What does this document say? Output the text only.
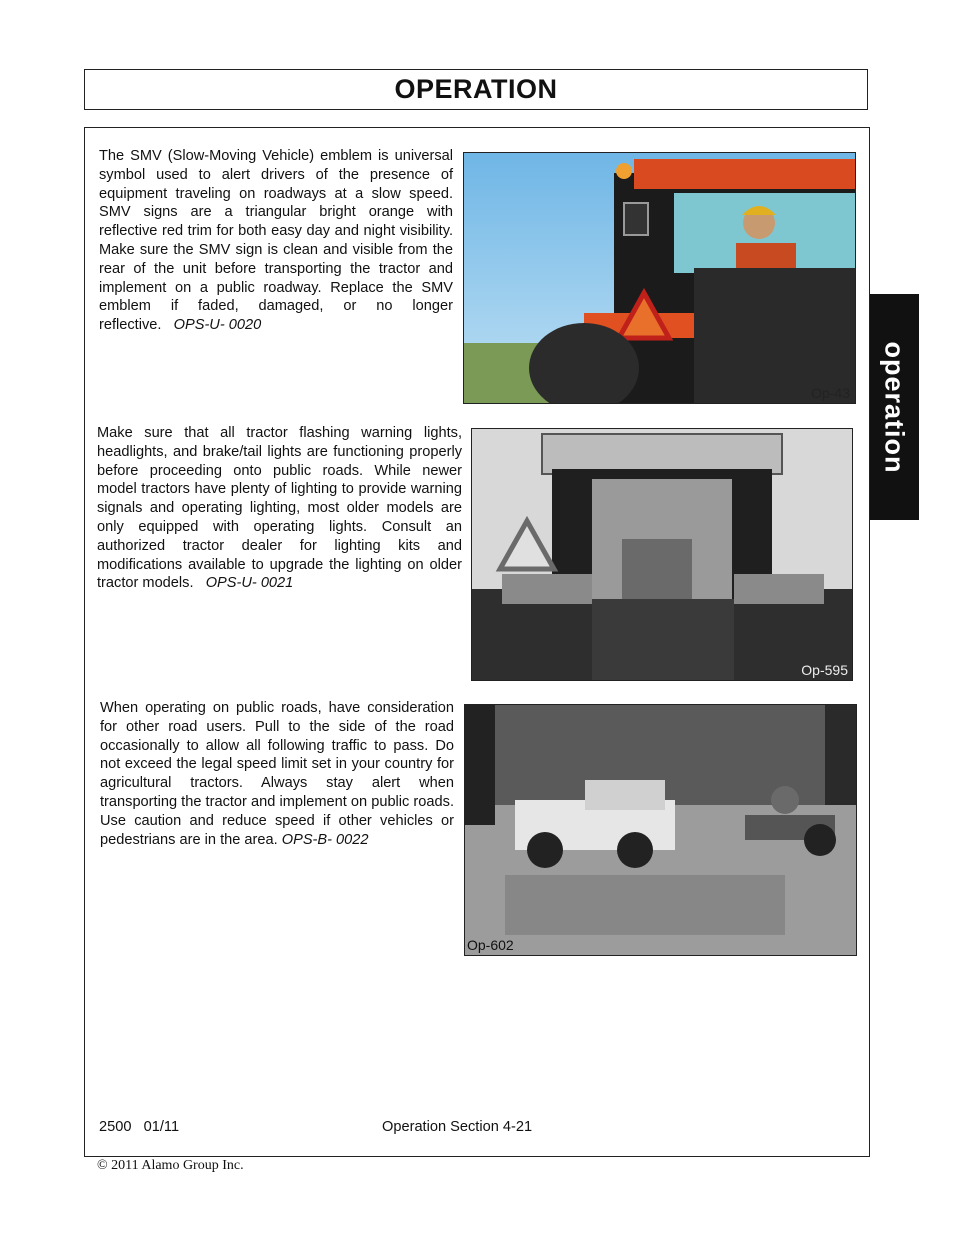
OPERATION
operation
The SMV (Slow-Moving Vehicle) emblem is universal symbol used to alert drivers of the presence of equipment traveling on roadways at a slow speed. SMV signs are a triangular bright orange with reflective red trim for both easy day and night visibility. Make sure the SMV sign is clean and visible from the rear of the unit before transporting the tractor and implement on a public roadway. Replace the SMV emblem if faded, damaged, or no longer reflective. OPS-U- 0020
Op-43
Make sure that all tractor flashing warning lights, headlights, and brake/tail lights are functioning properly before proceeding onto public roads. While newer model tractors have plenty of lighting to provide warning signals and operating lighting, most older models are only equipped with operating lights. Consult an authorized tractor dealer for lighting kits and modifications available to upgrade the lighting on older tractor models. OPS-U- 0021
Op-595
When operating on public roads, have consideration for other road users. Pull to the side of the road occasionally to allow all following traffic to pass. Do not exceed the legal speed limit set in your country for agricultural tractors. Always stay alert when transporting the tractor and implement on public roads. Use caution and reduce speed if other vehicles or pedestrians are in the area. OPS-B- 0022
Op-602
2500   01/11	Operation Section 4-21
© 2011 Alamo Group Inc.
